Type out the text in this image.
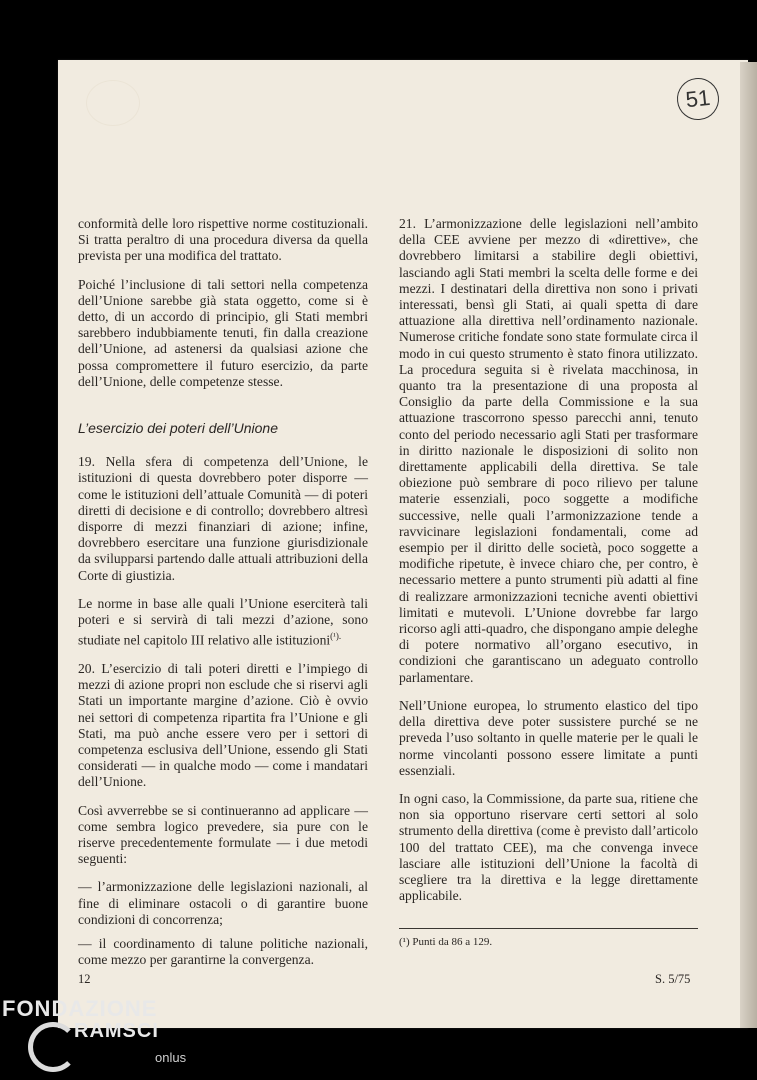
51

conformità delle loro rispettive norme costituzionali. Si tratta peraltro di una procedura diversa da quella prevista per una modifica del trattato.

Poiché l’inclusione di tali settori nella competenza dell’Unione sarebbe già stata oggetto, come si è detto, di un accordo di principio, gli Stati membri sarebbero indubbiamente tenuti, fin dalla creazione dell’Unione, ad astenersi da qualsiasi azione che possa compromettere il futuro esercizio, da parte dell’Unione, delle competenze stesse.

L’esercizio dei poteri dell’Unione

19. Nella sfera di competenza dell’Unione, le istituzioni di questa dovrebbero poter disporre — come le istituzioni dell’attuale Comunità — di poteri diretti di decisione e di controllo; dovrebbero altresì disporre di mezzi finanziari di azione; infine, dovrebbero esercitare una funzione giurisdizionale da svilupparsi partendo dalle attuali attribuzioni della Corte di giustizia.

Le norme in base alle quali l’Unione eserciterà tali poteri e si servirà di tali mezzi d’azione, sono studiate nel capitolo III relativo alle istituzioni$^{(^1).}$

20. L’esercizio di tali poteri diretti e l’impiego di mezzi di azione propri non esclude che si riservi agli Stati un importante margine d’azione. Ciò è ovvio nei settori di competenza ripartita fra l’Unione e gli Stati, ma può anche essere vero per i settori di competenza esclusiva dell’Unione, essendo gli Stati considerati — in qualche modo — come i mandatari dell’Unione.

Così avverrebbe se si continueranno ad applicare — come sembra logico prevedere, sia pure con le riserve precedentemente formulate — i due metodi seguenti:

— l’armonizzazione delle legislazioni nazionali, al fine di eliminare ostacoli o di garantire buone condizioni di concorrenza;

— il coordinamento di talune politiche nazionali, come mezzo per garantirne la convergenza.

21. L’armonizzazione delle legislazioni nell’ambito della CEE avviene per mezzo di «direttive», che dovrebbero limitarsi a stabilire degli obiettivi, lasciando agli Stati membri la scelta delle forme e dei mezzi. I destinatari della direttiva non sono i privati interessati, bensì gli Stati, ai quali spetta di dare attuazione alla direttiva nell’ordinamento nazionale. Numerose critiche fondate sono state formulate circa il modo in cui questo strumento è stato finora utilizzato. La procedura seguita si è rivelata macchinosa, in quanto tra la presentazione di una proposta al Consiglio da parte della Commissione e la sua attuazione trascorrono spesso parecchi anni, tenuto conto del periodo necessario agli Stati per trasformare in diritto nazionale le disposizioni di solito non direttamente applicabili della direttiva. Se tale obiezione può sembrare di poco rilievo per talune materie essenziali, poco soggette a modifiche successive, nelle quali l’armonizzazione tende a ravvicinare legislazioni fondamentali, come ad esempio per il diritto delle società, poco soggette a modifiche ripetute, è invece chiaro che, per contro, è necessario mettere a punto strumenti più adatti al fine di realizzare armonizzazioni tecniche aventi obiettivi limitati e mutevoli. L’Unione dovrebbe far largo ricorso agli atti-quadro, che dispongano ampie deleghe di potere normativo all’organo esecutivo, in condizioni che garantiscano un adeguato controllo parlamentare.

Nell’Unione europea, lo strumento elastico del tipo della direttiva deve poter sussistere purché se ne preveda l’uso soltanto in quelle materie per le quali le norme vincolanti possono essere limitate a punti essenziali.

In ogni caso, la Commissione, da parte sua, ritiene che non sia opportuno riservare certi settori al solo strumento della direttiva (come è previsto dall’articolo 100 del trattato CEE), ma che convenga invece lasciare alle istituzioni dell’Unione la facoltà di scegliere tra la direttiva e la legge direttamente applicabile.

(¹) Punti da 86 a 129.
12	S. 5/75
FONDAZIONE
RAMSCI
onlus
